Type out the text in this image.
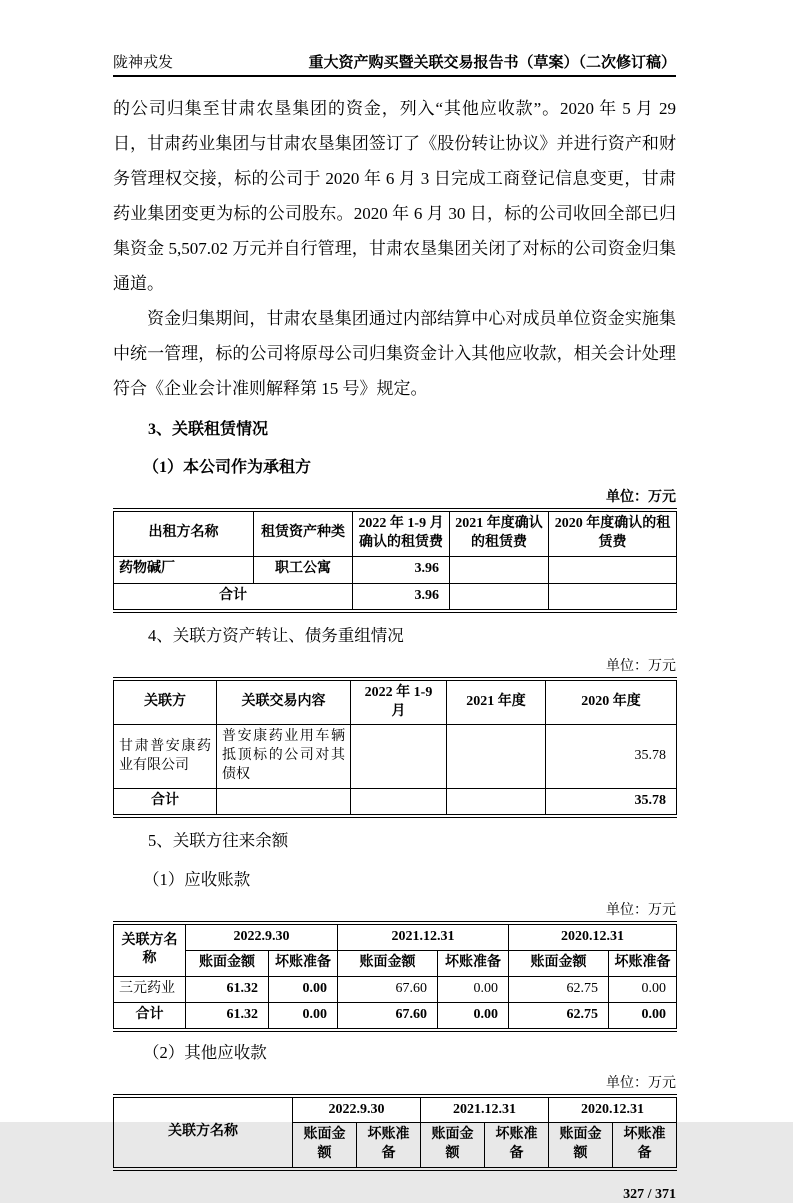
陇神戎发	重大资产购买暨关联交易报告书（草案）（二次修订稿）

的公司归集至甘肃农垦集团的资金，列入“其他应收款”。2020 年 5 月 29 日，甘肃药业集团与甘肃农垦集团签订了《股份转让协议》并进行资产和财务管理权交接，标的公司于 2020 年 6 月 3 日完成工商登记信息变更，甘肃药业集团变更为标的公司股东。2020 年 6 月 30 日，标的公司收回全部已归集资金 5,507.02 万元并自行管理，甘肃农垦集团关闭了对标的公司资金归集通道。

资金归集期间，甘肃农垦集团通过内部结算中心对成员单位资金实施集中统一管理，标的公司将原母公司归集资金计入其他应收款，相关会计处理符合《企业会计准则解释第 15 号》规定。

3、关联租赁情况
（1）本公司作为承租方
单位：万元
出租方名称	租赁资产种类	2022 年 1-9 月确认的租赁费	2021 年度确认的租赁费	2020 年度确认的租赁费
药物碱厂	职工公寓	3.96		
合计		3.96		
4、关联方资产转让、债务重组情况
单位：万元
关联方	关联交易内容	2022 年 1-9 月	2021 年度	2020 年度
甘肃普安康药业有限公司	普安康药业用车辆抵顶标的公司对其债权			35.78
合计				35.78
5、关联方往来余额
（1）应收账款
单位：万元
关联方名称	2022.9.30		2021.12.31		2020.12.31	
	账面金额	坏账准备	账面金额	坏账准备	账面金额	坏账准备
三元药业	61.32	0.00	67.60	0.00	62.75	0.00
合计	61.32	0.00	67.60	0.00	62.75	0.00
（2）其他应收款
单位：万元
关联方名称	2022.9.30		2021.12.31		2020.12.31	
	账面金额	坏账准备	账面金额	坏账准备	账面金额	坏账准备
327 / 371
